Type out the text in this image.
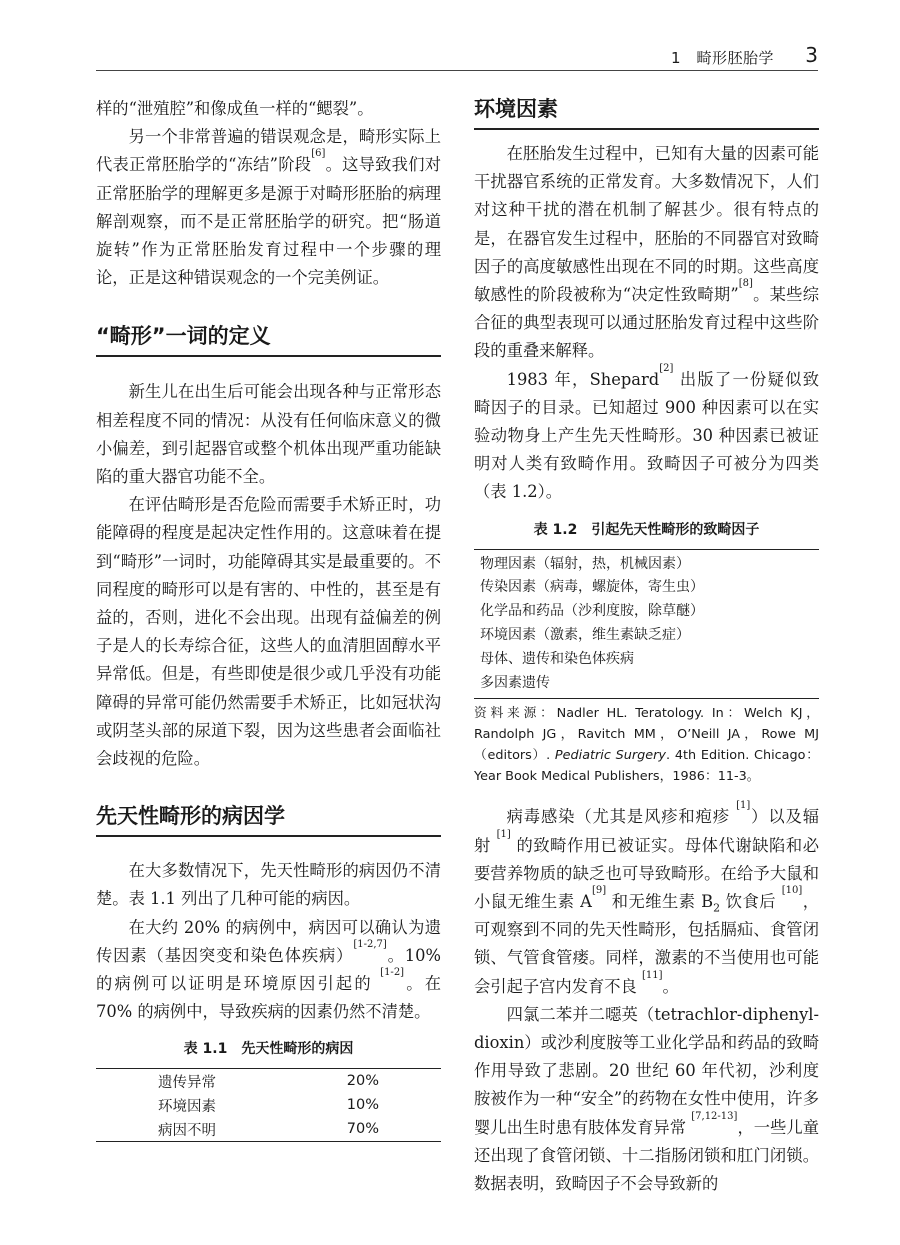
1　畸形胚胎学 3

样的“泄殖腔”和像成鱼一样的“鳃裂”。

另一个非常普遍的错误观念是，畸形实际上代表正常胚胎学的“冻结”阶段[6]。这导致我们对正常胚胎学的理解更多是源于对畸形胚胎的病理解剖观察，而不是正常胚胎学的研究。把“肠道旋转”作为正常胚胎发育过程中一个步骤的理论，正是这种错误观念的一个完美例证。

“畸形”一词的定义

新生儿在出生后可能会出现各种与正常形态相差程度不同的情况：从没有任何临床意义的微小偏差，到引起器官或整个机体出现严重功能缺陷的重大器官功能不全。

在评估畸形是否危险而需要手术矫正时，功能障碍的程度是起决定性作用的。这意味着在提到“畸形”一词时，功能障碍其实是最重要的。不同程度的畸形可以是有害的、中性的，甚至是有益的，否则，进化不会出现。出现有益偏差的例子是人的长寿综合征，这些人的血清胆固醇水平异常低。但是，有些即使是很少或几乎没有功能障碍的异常可能仍然需要手术矫正，比如冠状沟或阴茎头部的尿道下裂，因为这些患者会面临社会歧视的危险。

先天性畸形的病因学

在大多数情况下，先天性畸形的病因仍不清楚。表 1.1 列出了几种可能的病因。

在大约 20% 的病例中，病因可以确认为遗传因素（基因突变和染色体疾病）[1-2,7]。10% 的病例可以证明是环境原因引起的 [1-2]。在 70% 的病例中，导致疾病的因素仍然不清楚。

表 1.1　先天性畸形的病因
遗传异常	20%
环境因素	10%
病因不明	70%
环境因素

在胚胎发生过程中，已知有大量的因素可能干扰器官系统的正常发育。大多数情况下，人们对这种干扰的潜在机制了解甚少。很有特点的是，在器官发生过程中，胚胎的不同器官对致畸因子的高度敏感性出现在不同的时期。这些高度敏感性的阶段被称为“决定性致畸期”[8]。某些综合征的典型表现可以通过胚胎发育过程中这些阶段的重叠来解释。

1983 年，Shepard[2] 出版了一份疑似致畸因子的目录。已知超过 900 种因素可以在实验动物身上产生先天性畸形。30 种因素已被证明对人类有致畸作用。致畸因子可被分为四类（表 1.2）。

表 1.2　引起先天性畸形的致畸因子
物理因素（辐射，热，机械因素）
传染因素（病毒，螺旋体，寄生虫）
化学品和药品（沙利度胺，除草醚）
环境因素（激素，维生素缺乏症）
母体、遗传和染色体疾病
多因素遗传
资料来源：Nadler HL. Teratology. In：Welch KJ，Randolph JG，Ravitch MM，O’Neill JA，Rowe MJ（editors）. Pediatric Surgery. 4th Edition. Chicago：Year Book Medical Publishers，1986：11-3。

病毒感染（尤其是风疹和疱疹 [1]）以及辐射 [1] 的致畸作用已被证实。母体代谢缺陷和必要营养物质的缺乏也可导致畸形。在给予大鼠和小鼠无维生素 A[9] 和无维生素 $B_2$ 饮食后 [10]，可观察到不同的先天性畸形，包括膈疝、食管闭锁、气管食管瘘。同样，激素的不当使用也可能会引起子宫内发育不良 [11]。

四氯二苯并二噁英（tetrachlor-diphenyl-dioxin）或沙利度胺等工业化学品和药品的致畸作用导致了悲剧。20 世纪 60 年代初，沙利度胺被作为一种“安全”的药物在女性中使用，许多婴儿出生时患有肢体发育异常 [7,12-13]，一些儿童还出现了食管闭锁、十二指肠闭锁和肛门闭锁。数据表明，致畸因子不会导致新的
